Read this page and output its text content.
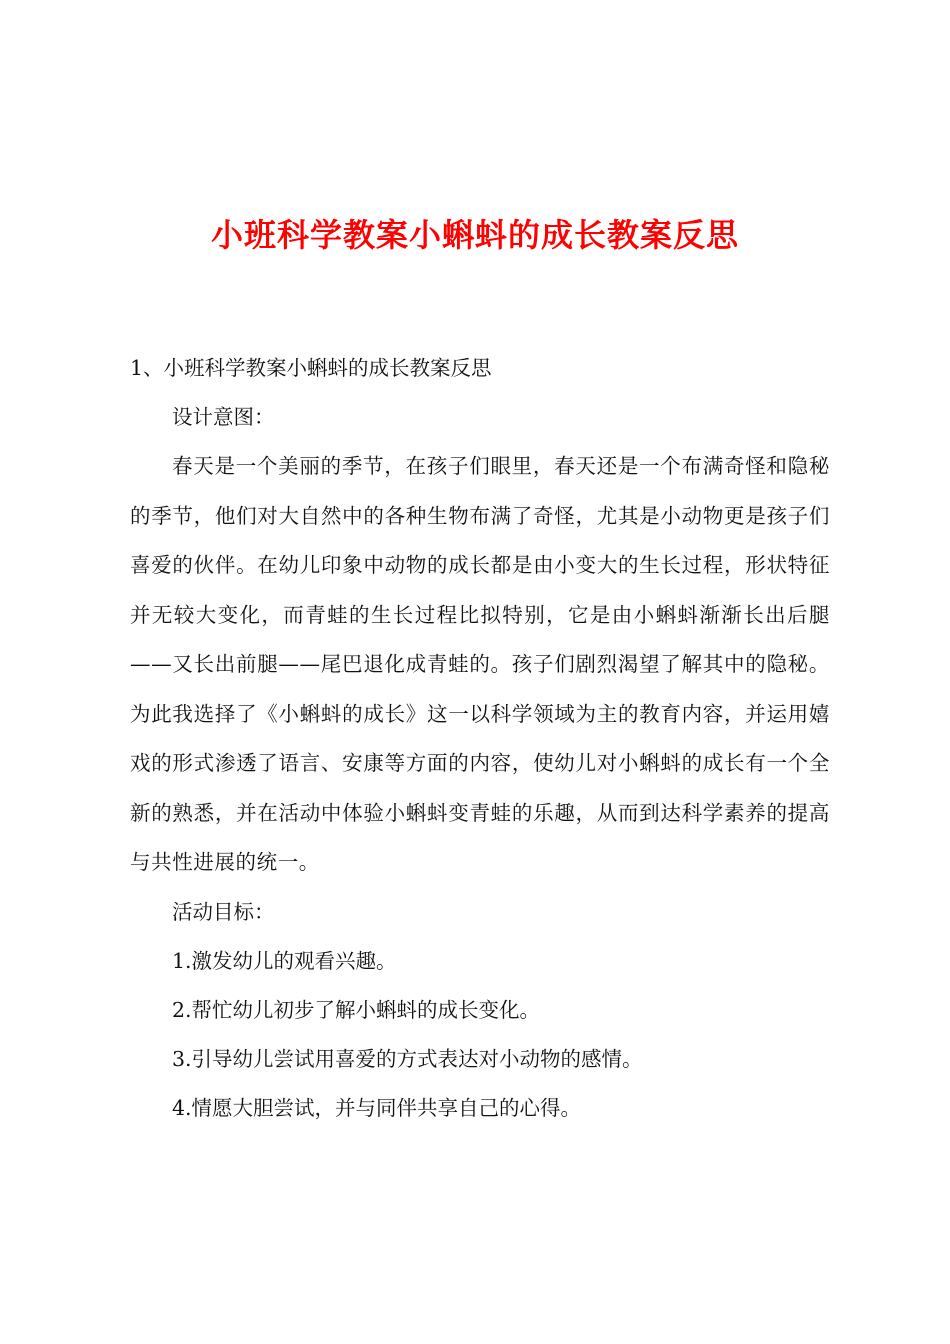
小班科学教案小蝌蚪的成长教案反思
1、小班科学教案小蝌蚪的成长教案反思
设计意图：
春天是一个美丽的季节，在孩子们眼里，春天还是一个布满奇怪和隐秘的季节，他们对大自然中的各种生物布满了奇怪，尤其是小动物更是孩子们喜爱的伙伴。在幼儿印象中动物的成长都是由小变大的生长过程，形状特征并无较大变化，而青蛙的生长过程比拟特别，它是由小蝌蚪渐渐长出后腿——又长出前腿——尾巴退化成青蛙的。孩子们剧烈渴望了解其中的隐秘。为此我选择了《小蝌蚪的成长》这一以科学领域为主的教育内容，并运用嬉戏的形式渗透了语言、安康等方面的内容，使幼儿对小蝌蚪的成长有一个全新的熟悉，并在活动中体验小蝌蚪变青蛙的乐趣，从而到达科学素养的提高与共性进展的统一。
活动目标：
1.激发幼儿的观看兴趣。
2.帮忙幼儿初步了解小蝌蚪的成长变化。
3.引导幼儿尝试用喜爱的方式表达对小动物的感情。
4.情愿大胆尝试，并与同伴共享自己的心得。
